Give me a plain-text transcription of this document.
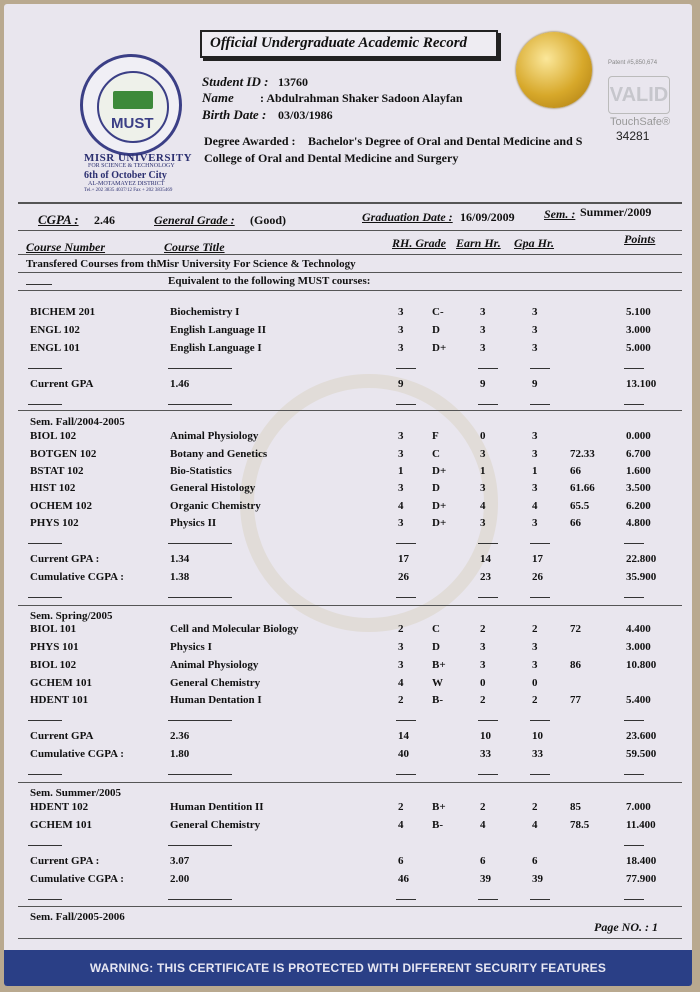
MUST
MISR UNIVERSITY
FOR SCIENCE & TECHNOLOGY
6th of October City
AL-MOTAMAYEZ DISTRICT
Tel.+ 202 3835 4037/12 Fax + 202 3835469
Official Undergraduate Academic Record
Patent #5,850,674
VALID
TouchSafe®
34281
Student ID : 13760
Name : Abdulrahman Shaker Sadoon Alayfan
Birth Date : 03/03/1986
Degree Awarded : Bachelor's Degree of Oral and Dental Medicine and S
College of Oral and Dental Medicine and Surgery
CGPA : 2.46	General Grade : (Good)	Graduation Date : 16/09/2009 Sem. : Summer/2009
Course Number	Course Title	RH. Grade Earn Hr. Gpa Hr.	Points
Transfered Courses from thMisr University For Science & Technology
Equivalent to the following MUST courses:
BICHEM 201	Biochemistry I	3	C-	3	3	5.100
ENGL 102	English Language II	3	D	3	3	3.000
ENGL 101	English Language I	3	D+	3	3	5.000
Current GPA	1.46	9	9	9	13.100
Sem. Fall/2004-2005
BIOL 102	Animal Physiology	3	F	0	3	0.000
BOTGEN 102	Botany and Genetics	3	C	3	3	72.33	6.700
BSTAT 102	Bio-Statistics	1	D+	1	1	66	1.600
HIST 102	General Histology	3	D	3	3	61.66	3.500
OCHEM 102	Organic Chemistry	4	D+	4	4	65.5	6.200
PHYS 102	Physics II	3	D+	3	3	66	4.800
Current GPA :	1.34	17	14	17	22.800
Cumulative CGPA :	1.38	26	23	26	35.900
Sem. Spring/2005
BIOL 101	Cell and Molecular Biology	2	C	2	2	72	4.400
PHYS 101	Physics I	3	D	3	3	3.000
BIOL 102	Animal Physiology	3	B+	3	3	86	10.800
GCHEM 101	General Chemistry	4	W	0	0
HDENT 101	Human Dentation I	2	B-	2	2	77	5.400
Current GPA	2.36	14	10	10	23.600
Cumulative CGPA :	1.80	40	33	33	59.500
Sem. Summer/2005
HDENT 102	Human Dentition II	2	B+	2	2	85	7.000
GCHEM 101	General Chemistry	4	B-	4	4	78.5	11.400
Current GPA :	3.07	6	6	6	18.400
Cumulative CGPA :	2.00	46	39	39	77.900
Sem. Fall/2005-2006
Page NO. : 1
WARNING: THIS CERTIFICATE IS PROTECTED WITH DIFFERENT SECURITY FEATURES
